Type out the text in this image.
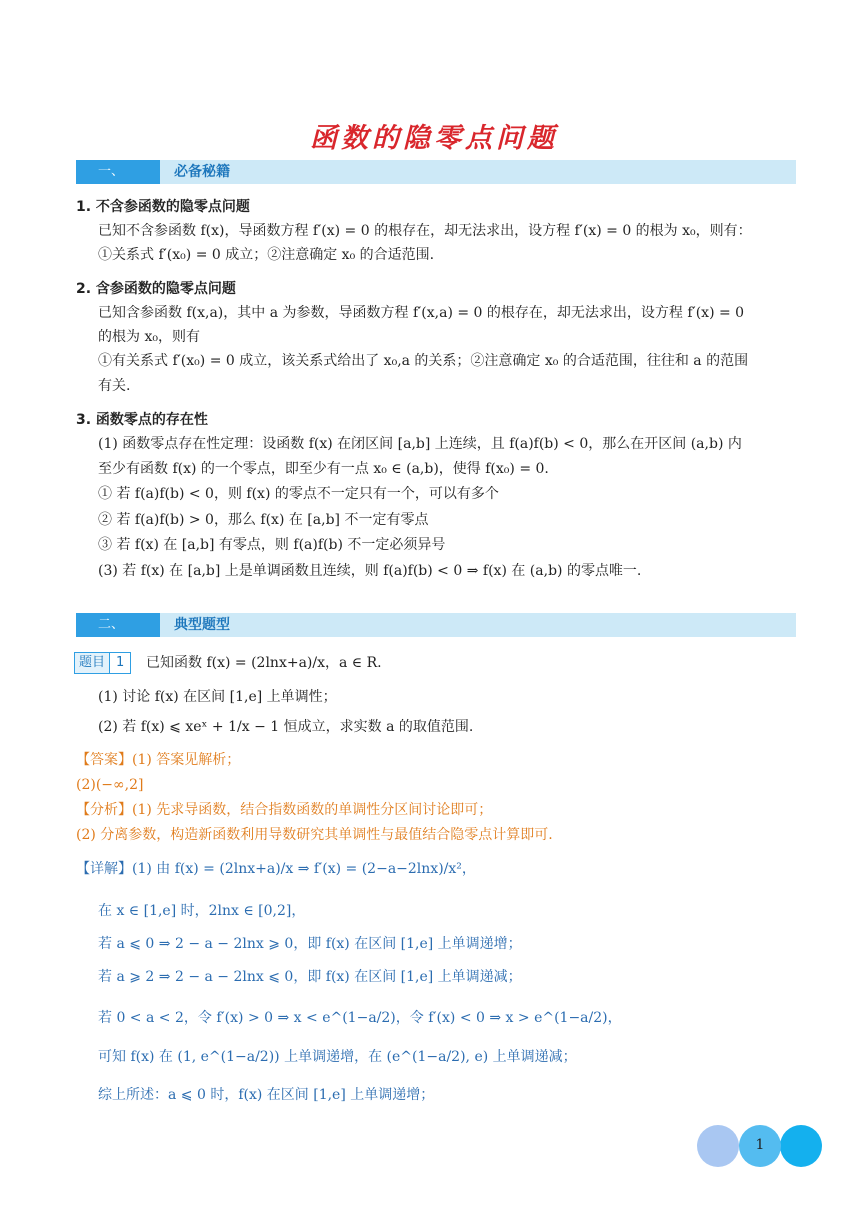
函数的隐零点问题
一、	必备秘籍
1. 不含参函数的隐零点问题
已知不含参函数 f(x)，导函数方程 f′(x) = 0 的根存在，却无法求出，设方程 f′(x) = 0 的根为 x₀，则有：
①关系式 f′(x₀) = 0 成立；②注意确定 x₀ 的合适范围.
2. 含参函数的隐零点问题
已知含参函数 f(x,a)，其中 a 为参数，导函数方程 f′(x,a) = 0 的根存在，却无法求出，设方程 f′(x) = 0
的根为 x₀，则有
①有关系式 f′(x₀) = 0 成立，该关系式给出了 x₀,a 的关系；②注意确定 x₀ 的合适范围，往往和 a 的范围
有关.
3. 函数零点的存在性
(1) 函数零点存在性定理：设函数 f(x) 在闭区间 [a,b] 上连续，且 f(a)f(b) < 0，那么在开区间 (a,b) 内
至少有函数 f(x) 的一个零点，即至少有一点 x₀ ∈ (a,b)，使得 f(x₀) = 0.
① 若 f(a)f(b) < 0，则 f(x) 的零点不一定只有一个，可以有多个
② 若 f(a)f(b) > 0，那么 f(x) 在 [a,b] 不一定有零点
③ 若 f(x) 在 [a,b] 有零点，则 f(a)f(b) 不一定必须异号
(3) 若 f(x) 在 [a,b] 上是单调函数且连续，则 f(a)f(b) < 0 ⇒ f(x) 在 (a,b) 的零点唯一.
二、	典型题型
题目 1	已知函数 f(x) = (2lnx+a)/x，a ∈ R.
(1) 讨论 f(x) 在区间 [1,e] 上单调性；
(2) 若 f(x) ⩽ xeˣ + 1/x − 1 恒成立，求实数 a 的取值范围.
【答案】(1) 答案见解析；
(2)(−∞,2]
【分析】(1) 先求导函数，结合指数函数的单调性分区间讨论即可；
(2) 分离参数，构造新函数利用导数研究其单调性与最值结合隐零点计算即可.
【详解】(1) 由 f(x) = (2lnx+a)/x ⇒ f′(x) = (2−a−2lnx)/x²，
在 x ∈ [1,e] 时，2lnx ∈ [0,2]，
若 a ⩽ 0 ⇒ 2 − a − 2lnx ⩾ 0，即 f(x) 在区间 [1,e] 上单调递增；
若 a ⩾ 2 ⇒ 2 − a − 2lnx ⩽ 0，即 f(x) 在区间 [1,e] 上单调递减；
若 0 < a < 2，令 f′(x) > 0 ⇒ x < e^(1−a/2)，令 f′(x) < 0 ⇒ x > e^(1−a/2)，
可知 f(x) 在 (1, e^(1−a/2)) 上单调递增，在 (e^(1−a/2), e) 上单调递减；
综上所述：a ⩽ 0 时，f(x) 在区间 [1,e] 上单调递增；
1
